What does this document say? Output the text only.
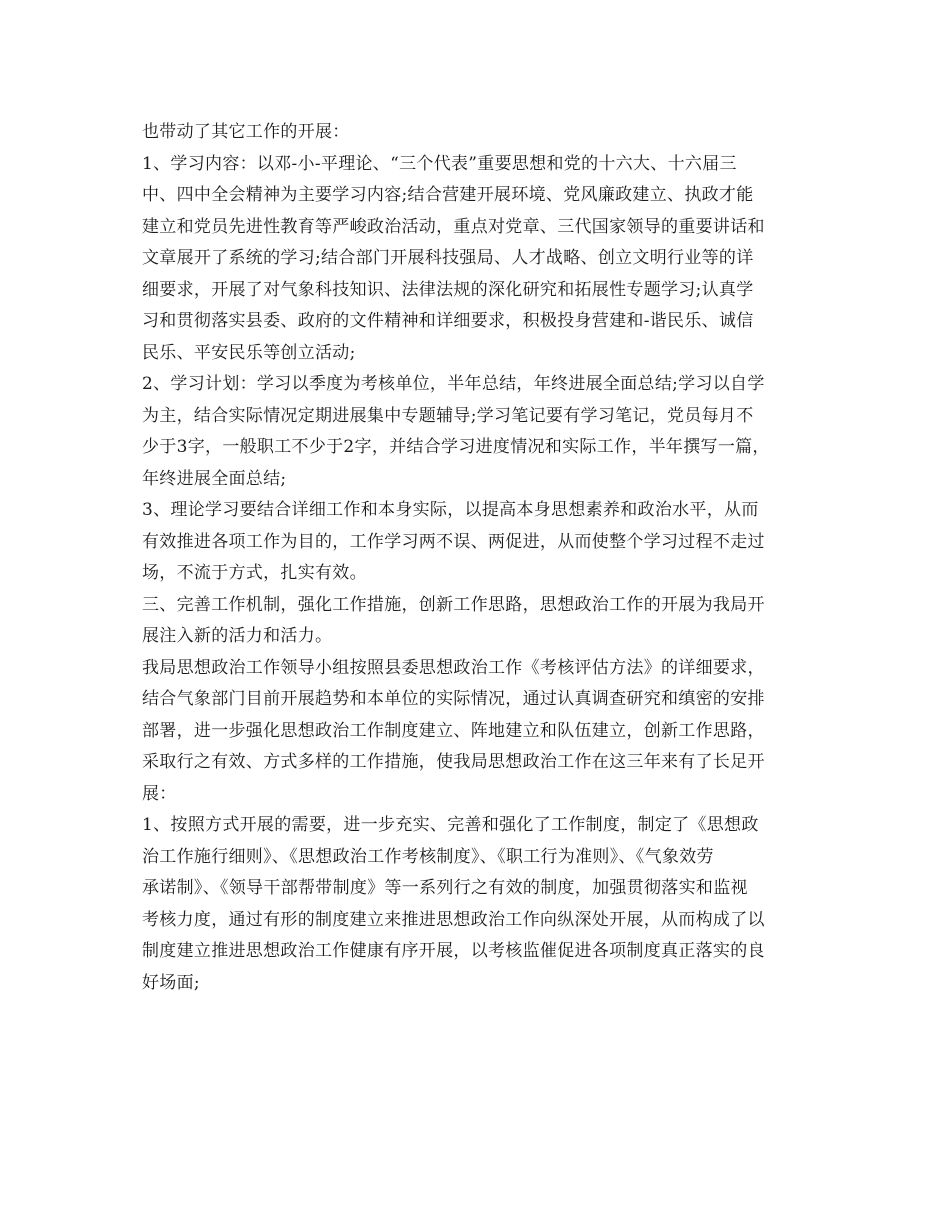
也带动了其它工作的开展：
1、学习内容：以邓-小-平理论、“三个代表”重要思想和党的十六大、十六届三
中、四中全会精神为主要学习内容;结合营建开展环境、党风廉政建立、执政才能
建立和党员先进性教育等严峻政治活动，重点对党章、三代国家领导的重要讲话和
文章展开了系统的学习;结合部门开展科技强局、人才战略、创立文明行业等的详
细要求，开展了对气象科技知识、法律法规的深化研究和拓展性专题学习;认真学
习和贯彻落实县委、政府的文件精神和详细要求，积极投身营建和-谐民乐、诚信
民乐、平安民乐等创立活动;
2、学习计划：学习以季度为考核单位，半年总结，年终进展全面总结;学习以自学
为主，结合实际情况定期进展集中专题辅导;学习笔记要有学习笔记，党员每月不
少于3字，一般职工不少于2字，并结合学习进度情况和实际工作，半年撰写一篇，
年终进展全面总结;
3、理论学习要结合详细工作和本身实际，以提高本身思想素养和政治水平，从而
有效推进各项工作为目的，工作学习两不误、两促进，从而使整个学习过程不走过
场，不流于方式，扎实有效。
三、完善工作机制，强化工作措施，创新工作思路，思想政治工作的开展为我局开
展注入新的活力和活力。
我局思想政治工作领导小组按照县委思想政治工作《考核评估方法》的详细要求，
结合气象部门目前开展趋势和本单位的实际情况，通过认真调查研究和缜密的安排
部署，进一步强化思想政治工作制度建立、阵地建立和队伍建立，创新工作思路，
采取行之有效、方式多样的工作措施，使我局思想政治工作在这三年来有了长足开
展：
1、按照方式开展的需要，进一步充实、完善和强化了工作制度，制定了《思想政
治工作施行细则》、《思想政治工作考核制度》、《职工行为准则》、《气象效劳
承诺制》、《领导干部帮带制度》等一系列行之有效的制度，加强贯彻落实和监视
考核力度，通过有形的制度建立来推进思想政治工作向纵深处开展，从而构成了以
制度建立推进思想政治工作健康有序开展，以考核监催促进各项制度真正落实的良
好场面;
